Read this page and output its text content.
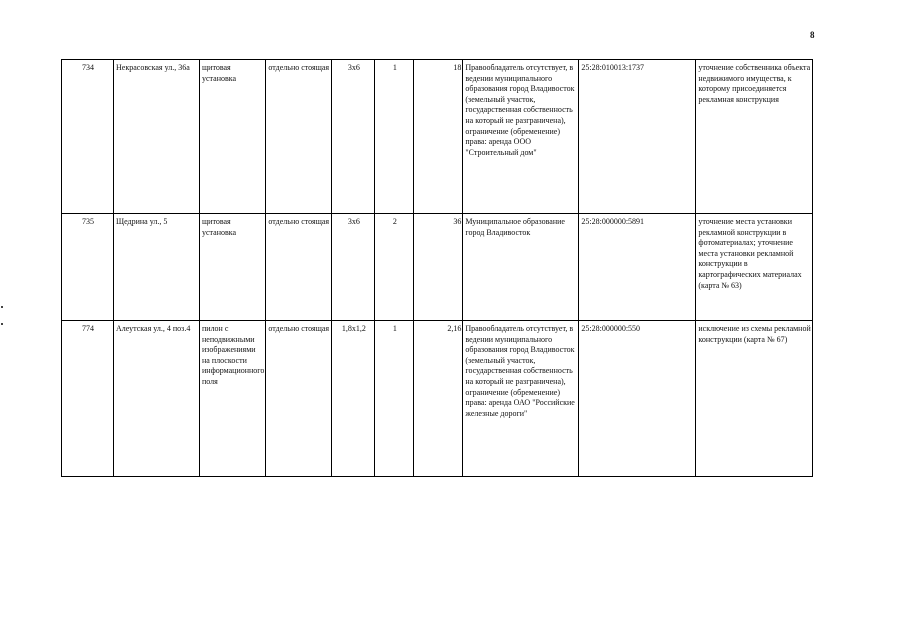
8
734	Некрасовская ул., 36а	щитовая установка	отдельно стоящая	3х6	1	18	Правообладатель отсутствует, в ведении муниципального образования город Владивосток (земельный участок, государственная собственность на который не разграничена), ограничение (обременение) права: аренда ООО "Строительный дом"	25:28:010013:1737	уточнение собственника объекта недвижимого имущества, к которому присоединяется рекламная конструкция
735	Щедрина ул., 5	щитовая установка	отдельно стоящая	3х6	2	36	Муниципальное образование город Владивосток	25:28:000000:5891	уточнение места установки рекламной конструкции в фотоматериалах; уточнение места установки рекламной конструкции в картографических материалах (карта № 63)
774	Алеутская ул., 4 поз.4	пилон с неподвижными изображениями на плоскости информационного поля	отдельно стоящая	1,8х1,2	1	2,16	Правообладатель отсутствует, в ведении муниципального образования город Владивосток (земельный участок, государственная собственность на который не разграничена), ограничение (обременение) права: аренда ОАО "Российские железные дороги"	25:28:000000:550	исключение из схемы рекламной конструкции (карта № 67)
